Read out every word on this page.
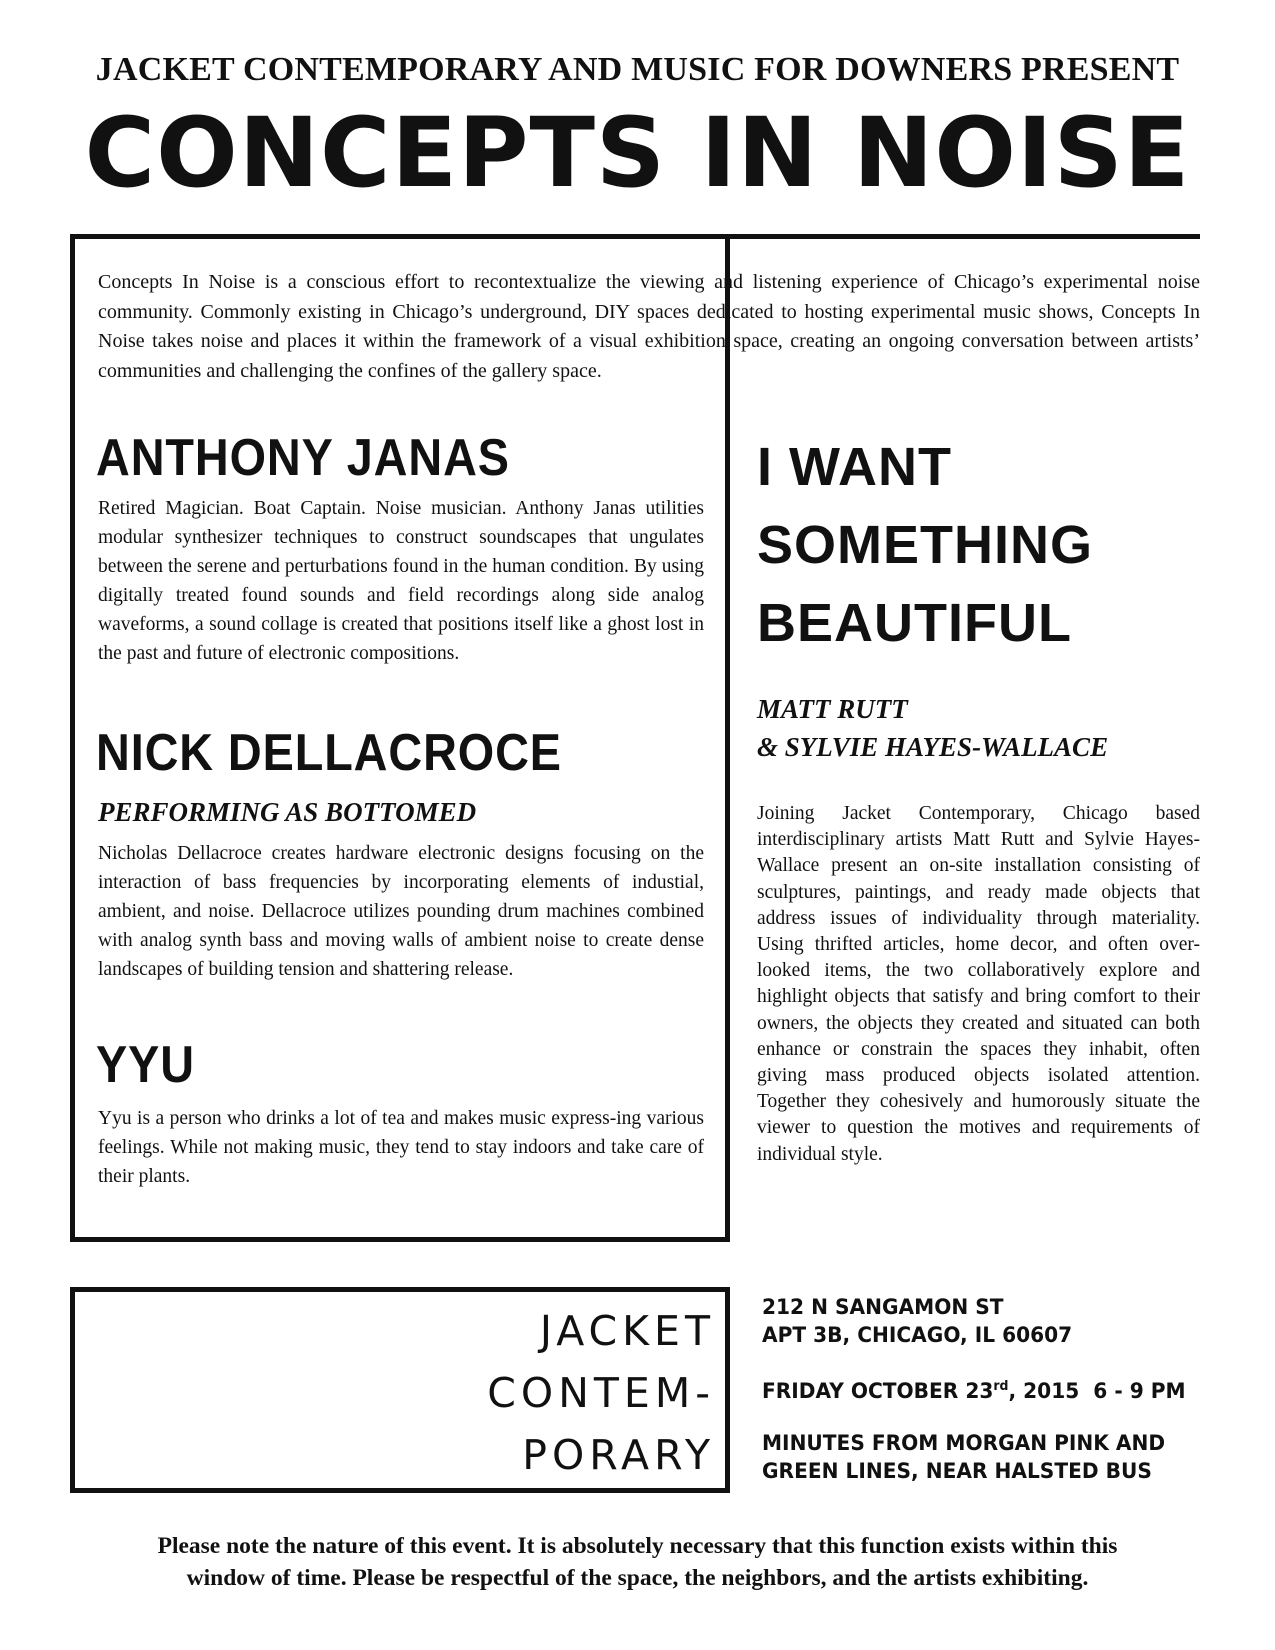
JACKET CONTEMPORARY AND MUSIC FOR DOWNERS PRESENT
CONCEPTS IN NOISE
Concepts In Noise is a conscious effort to recontextualize the viewing and listening experience of Chicago’s experimental noise community. Commonly existing in Chicago’s underground, DIY spaces dedicated to hosting experimental music shows, Concepts In Noise takes noise and places it within the framework of a visual exhibition space, creating an ongoing conversation between artists’ communities and challenging the confines of the gallery space.
ANTHONY JANAS
Retired Magician. Boat Captain. Noise musician. Anthony Janas utilities modular synthesizer techniques to construct soundscapes that ungulates between the serene and perturbations found in the human condition. By using digitally treated found sounds and field recordings along side analog waveforms, a sound collage is created that positions itself like a ghost lost in the past and future of electronic compositions.
NICK DELLACROCE
PERFORMING AS BOTTOMED
Nicholas Dellacroce creates hardware electronic designs focusing on the interaction of bass frequencies by incorporating elements of industial, ambient, and noise. Dellacroce utilizes pounding drum machines combined with analog synth bass and moving walls of ambient noise to create dense landscapes of building tension and shattering release.
YYU
Yyu is a person who drinks a lot of tea and makes music express-ing various feelings. While not making music, they tend to stay indoors and take care of their plants.
I WANT
SOMETHING
BEAUTIFUL
MATT RUTT
& SYLVIE HAYES-WALLACE
Joining Jacket Contemporary, Chicago based interdisciplinary artists Matt Rutt and Sylvie Hayes-Wallace present an on-site installation consisting of sculptures, paintings, and ready made objects that address issues of individuality through materiality. Using thrifted articles, home decor, and often over-looked items, the two collaboratively explore and highlight objects that satisfy and bring comfort to their owners, the objects they created and situated can both enhance or constrain the spaces they inhabit, often giving mass produced objects isolated attention. Together they cohesively and humorously situate the viewer to question the motives and requirements of individual style.
JACKET
CONTEM-
PORARY
212 N SANGAMON ST
APT 3B, CHICAGO, IL 60607
FRIDAY OCTOBER 23rd, 2015  6 - 9 PM
MINUTES FROM MORGAN PINK AND
GREEN LINES, NEAR HALSTED BUS
Please note the nature of this event. It is absolutely necessary that this function exists within this
window of time. Please be respectful of the space, the neighbors, and the artists exhibiting.
